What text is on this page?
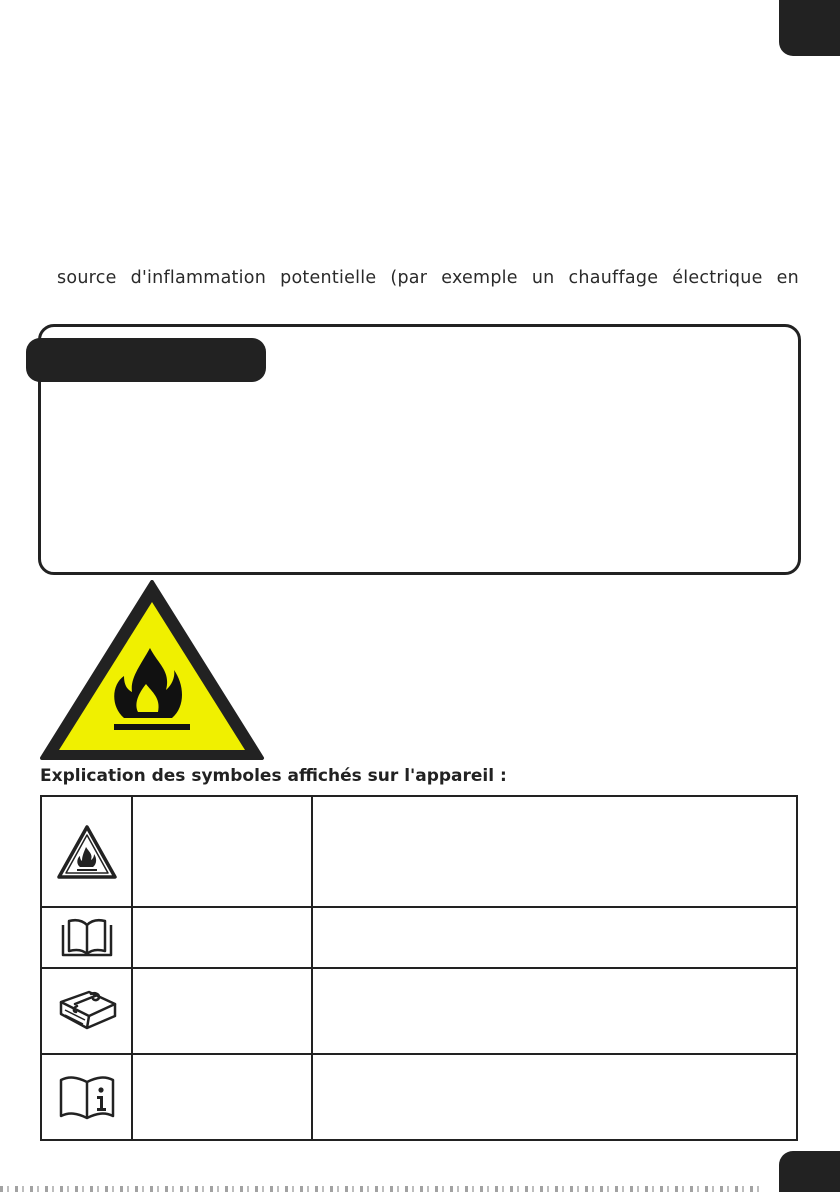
source d'inflammation potentielle (par exemple un chauffage électrique en
Explication des symboles affichés sur l'appareil :
